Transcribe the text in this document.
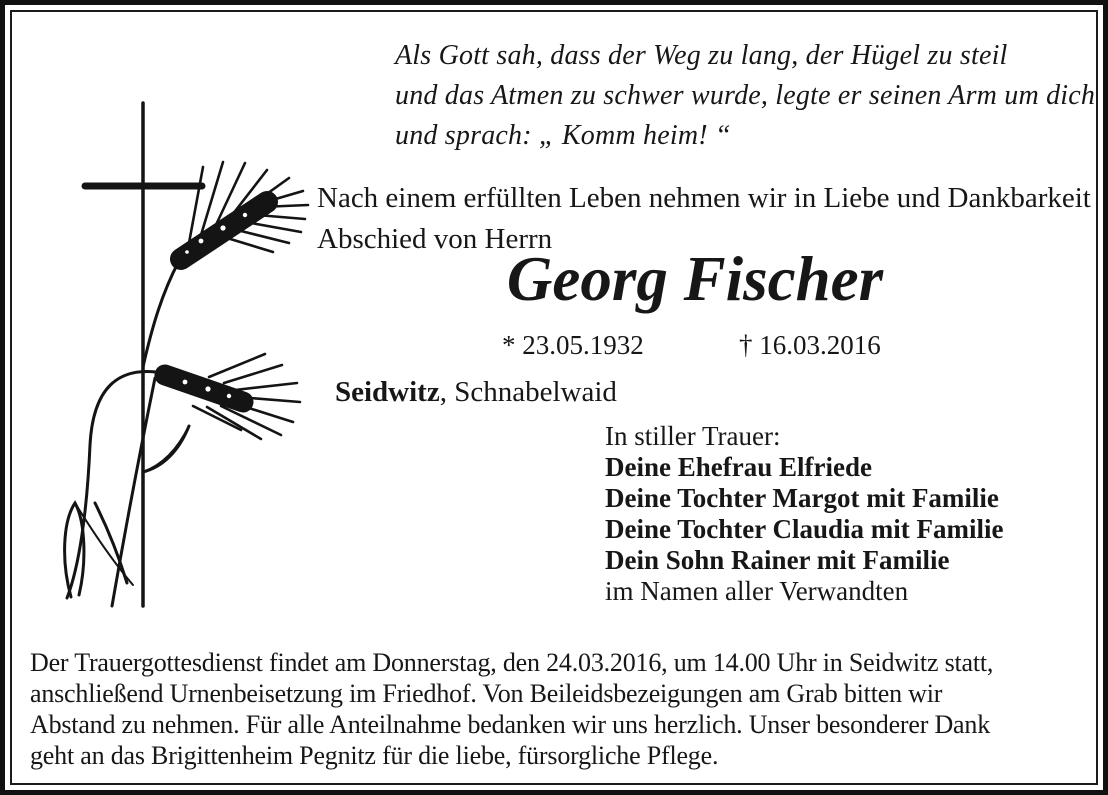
Als Gott sah, dass der Weg zu lang, der Hügel zu steil
und das Atmen zu schwer wurde, legte er seinen Arm um dich
und sprach: „ Komm heim! “
Nach einem erfüllten Leben nehmen wir in Liebe und Dankbarkeit
Abschied von Herrn
Georg Fischer
* 23.05.1932	† 16.03.2016
Seidwitz, Schnabelwaid
In stiller Trauer:
Deine Ehefrau Elfriede
Deine Tochter Margot mit Familie
Deine Tochter Claudia mit Familie
Dein Sohn Rainer mit Familie
im Namen aller Verwandten
Der Trauergottesdienst findet am Donnerstag, den 24.03.2016, um 14.00 Uhr in Seidwitz statt,
anschließend Urnenbeisetzung im Friedhof. Von Beileidsbezeigungen am Grab bitten wir
Abstand zu nehmen. Für alle Anteilnahme bedanken wir uns herzlich. Unser besonderer Dank
geht an das Brigittenheim Pegnitz für die liebe, fürsorgliche Pflege.
